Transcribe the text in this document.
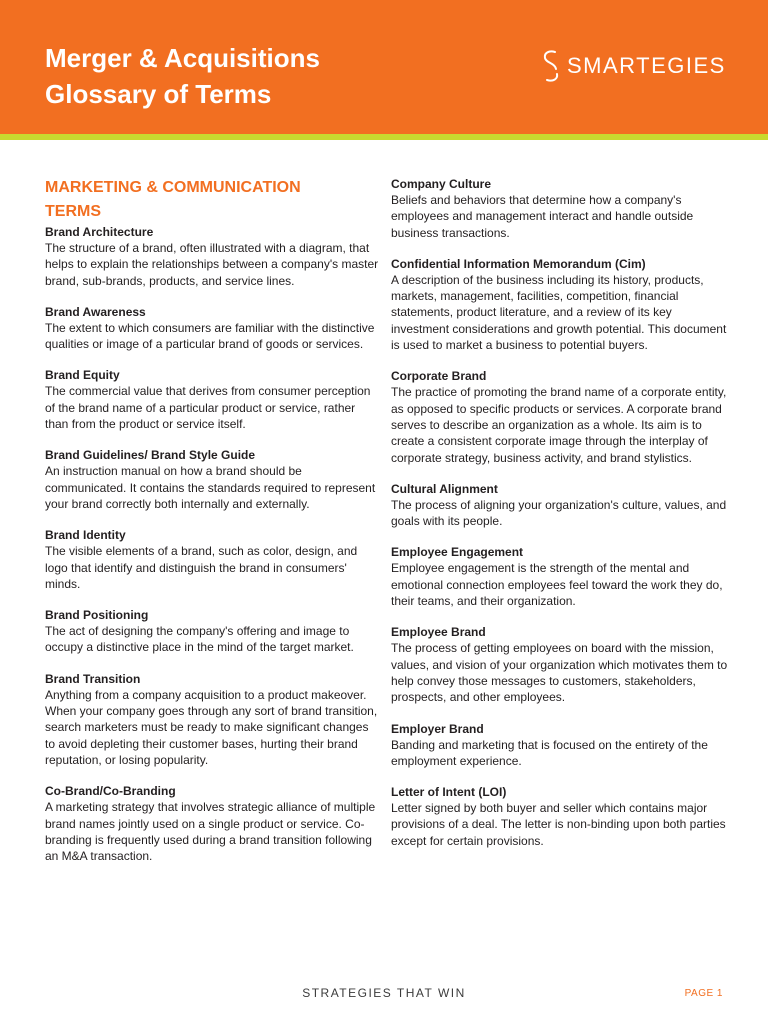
Merger & Acquisitions
Glossary of Terms
SMARTEGIES
MARKETING & COMMUNICATION
TERMS

Brand Architecture

The structure of a brand, often illustrated with a diagram, that helps to explain the relationships between a company's master brand, sub-brands, products, and service lines.

Brand Awareness

The extent to which consumers are familiar with the distinctive qualities or image of a particular brand of goods or services.

Brand Equity

The commercial value that derives from consumer perception of the brand name of a particular product or service, rather than from the product or service itself.

Brand Guidelines/ Brand Style Guide

An instruction manual on how a brand should be communicated. It contains the standards required to represent your brand correctly both internally and externally.

Brand Identity

The visible elements of a brand, such as color, design, and logo that identify and distinguish the brand in consumers' minds.

Brand Positioning

The act of designing the company's offering and image to occupy a distinctive place in the mind of the target market.

Brand Transition

Anything from a company acquisition to a product makeover. When your company goes through any sort of brand transition, search marketers must be ready to make significant changes to avoid depleting their customer bases, hurting their brand reputation, or losing popularity.

Co-Brand/Co-Branding

A marketing strategy that involves strategic alliance of multiple brand names jointly used on a single product or service. Co-branding is frequently used during a brand transition following an M&A transaction.

Company Culture

Beliefs and behaviors that determine how a company's employees and management interact and handle outside business transactions.

Confidential Information Memorandum (Cim)

A description of the business including its history, products, markets, management, facilities, competition, financial statements, product literature, and a review of its key investment considerations and growth potential. This document is used to market a business to potential buyers.

Corporate Brand

The practice of promoting the brand name of a corporate entity, as opposed to specific products or services. A corporate brand serves to describe an organization as a whole. Its aim is to create a consistent corporate image through the interplay of corporate strategy, business activity, and brand stylistics.

Cultural Alignment

The process of aligning your organization's culture, values, and goals with its people.

Employee Engagement

Employee engagement is the strength of the mental and emotional connection employees feel toward the work they do, their teams, and their organization.

Employee Brand

The process of getting employees on board with the mission, values, and vision of your organization which motivates them to help convey those messages to customers, stakeholders, prospects, and other employees.

Employer Brand

Banding and marketing that is focused on the entirety of the employment experience.

Letter of Intent (LOI)

Letter signed by both buyer and seller which contains major provisions of a deal. The letter is non-binding upon both parties except for certain provisions.

STRATEGIES THAT WIN	PAGE 1
